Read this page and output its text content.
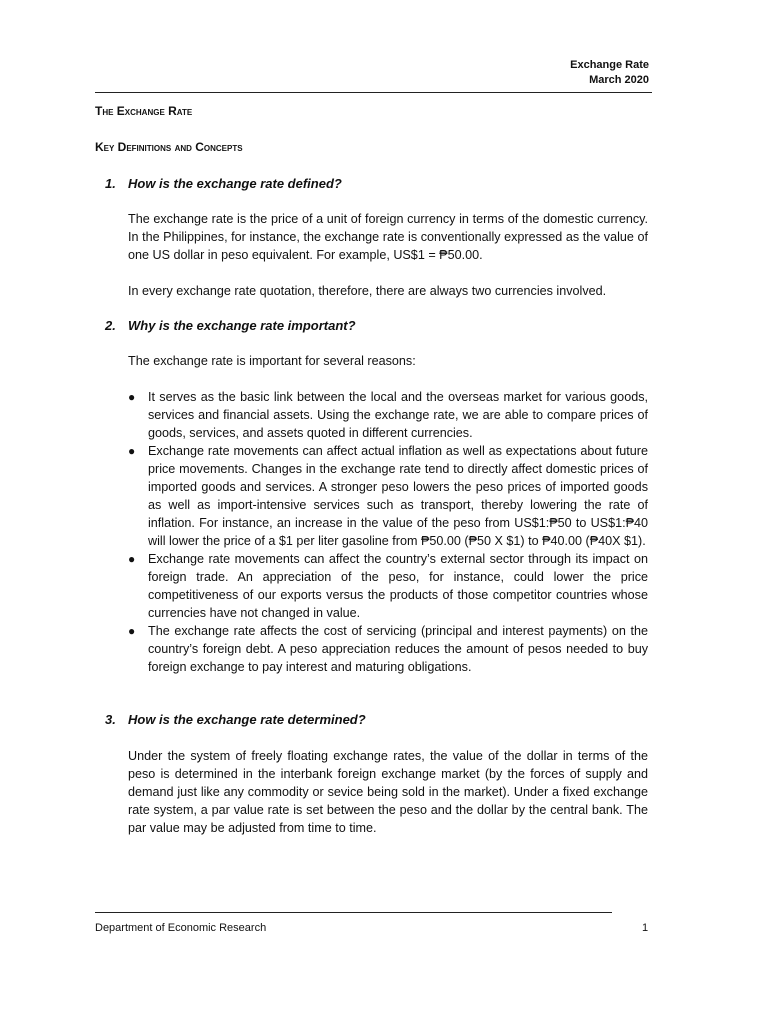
Exchange Rate
March 2020
The Exchange Rate
Key Definitions and Concepts
1. How is the exchange rate defined?

The exchange rate is the price of a unit of foreign currency in terms of the domestic currency. In the Philippines, for instance, the exchange rate is conventionally expressed as the value of one US dollar in peso equivalent. For example, US$1 = ₱50.00.

In every exchange rate quotation, therefore, there are always two currencies involved.

2. Why is the exchange rate important?

The exchange rate is important for several reasons:

● It serves as the basic link between the local and the overseas market for various goods, services and financial assets. Using the exchange rate, we are able to compare prices of goods, services, and assets quoted in different currencies.
● Exchange rate movements can affect actual inflation as well as expectations about future price movements. Changes in the exchange rate tend to directly affect domestic prices of imported goods and services. A stronger peso lowers the peso prices of imported goods as well as import-intensive services such as transport, thereby lowering the rate of inflation. For instance, an increase in the value of the peso from US$1:₱50 to US$1:₱40 will lower the price of a $1 per liter gasoline from ₱50.00 (₱50 X $1) to ₱40.00 (₱40X $1).
● Exchange rate movements can affect the country’s external sector through its impact on foreign trade. An appreciation of the peso, for instance, could lower the price competitiveness of our exports versus the products of those competitor countries whose currencies have not changed in value.
● The exchange rate affects the cost of servicing (principal and interest payments) on the country’s foreign debt. A peso appreciation reduces the amount of pesos needed to buy foreign exchange to pay interest and maturing obligations.
3. How is the exchange rate determined?

Under the system of freely floating exchange rates, the value of the dollar in terms of the peso is determined in the interbank foreign exchange market (by the forces of supply and demand just like any commodity or sevice being sold in the market). Under a fixed exchange rate system, a par value rate is set between the peso and the dollar by the central bank. The par value may be adjusted from time to time.

Department of Economic Research	1
